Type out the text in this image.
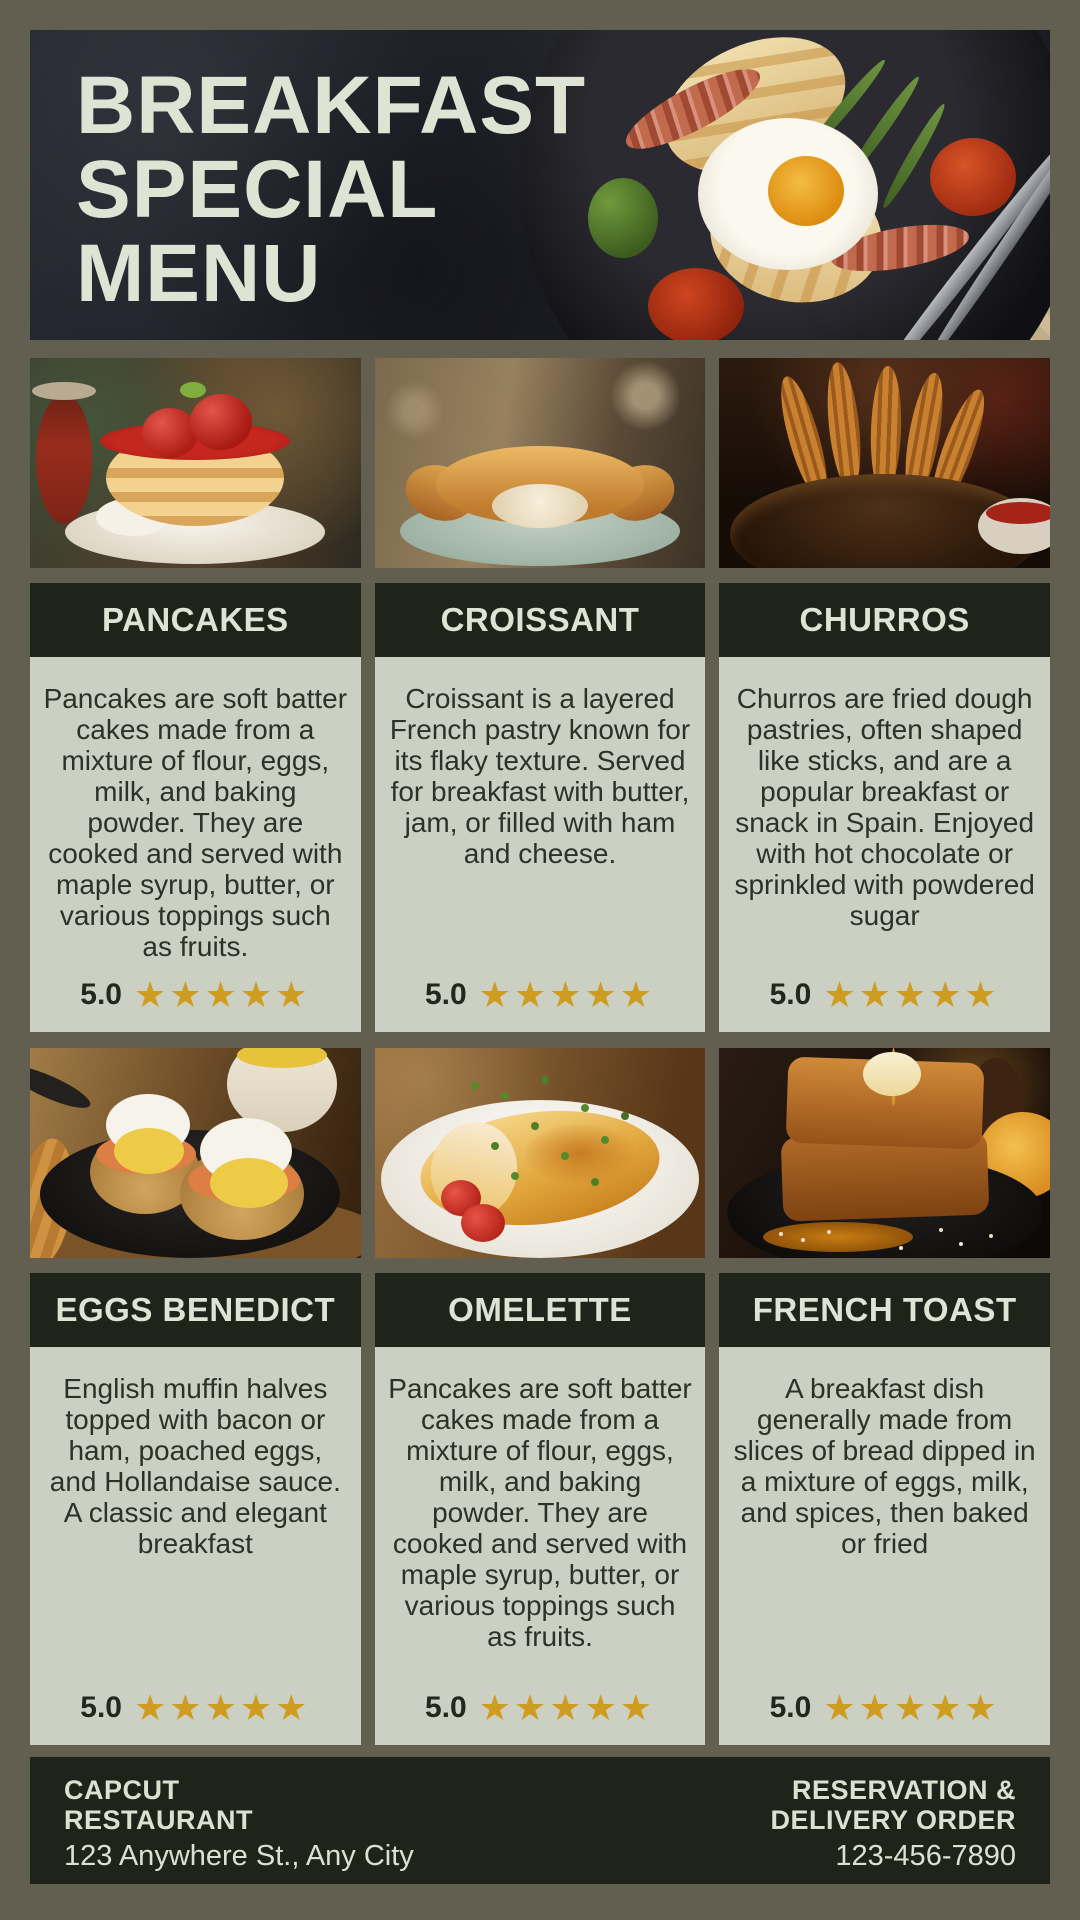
BREAKFAST
SPECIAL
MENU
PANCAKES

Pancakes are soft batter cakes made from a mixture of flour, eggs, milk, and baking powder. They are cooked and served with maple syrup, butter, or various toppings such as fruits.

5.0 ★★★★★
CROISSANT

Croissant is a layered French pastry known for its flaky texture. Served for breakfast with butter, jam, or filled with ham and cheese.

5.0 ★★★★★
CHURROS

Churros are fried dough pastries, often shaped like sticks, and are a popular breakfast or snack in Spain. Enjoyed with hot chocolate or sprinkled with powdered sugar

5.0 ★★★★★
EGGS BENEDICT

English muffin halves topped with bacon or ham, poached eggs, and Hollandaise sauce. A classic and elegant breakfast

5.0 ★★★★★
OMELETTE

Pancakes are soft batter cakes made from a mixture of flour, eggs, milk, and baking powder. They are cooked and served with maple syrup, butter, or various toppings such as fruits.

5.0 ★★★★★
FRENCH TOAST

A breakfast dish generally made from slices of bread dipped in a mixture of eggs, milk, and spices, then baked or fried

5.0 ★★★★★
CAPCUT
RESTAURANT
123 Anywhere St., Any City
RESERVATION &
DELIVERY ORDER
123-456-7890
